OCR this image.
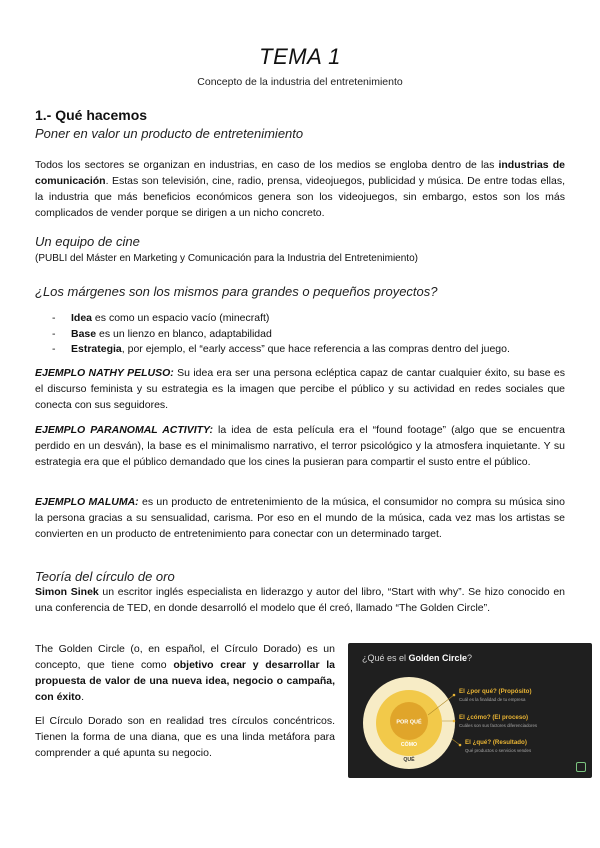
TEMA 1
Concepto de la industria del entretenimiento
1.- Qué hacemos
Poner en valor un producto de entretenimiento
Todos los sectores se organizan en industrias, en caso de los medios se engloba dentro de las industrias de comunicación. Estas son televisión, cine, radio, prensa, videojuegos, publicidad y música. De entre todas ellas, la industria que más beneficios económicos genera son los videojuegos, sin embargo, estos son los más complicados de vender porque se dirigen a un nicho concreto.
Un equipo de cine
(PUBLI del Máster en Marketing y Comunicación para la Industria del Entretenimiento)
¿Los márgenes son los mismos para grandes o pequeños proyectos?
- Idea es como un espacio vacío (minecraft)
- Base es un lienzo en blanco, adaptabilidad
- Estrategia, por ejemplo, el “early access” que hace referencia a las compras dentro del juego.
EJEMPLO NATHY PELUSO: Su idea era ser una persona ecléptica capaz de cantar cualquier éxito, su base es el discurso feminista y su estrategia es la imagen que percibe el público y su actividad en redes sociales que conecta con sus seguidores.
EJEMPLO PARANOMAL ACTIVITY: la idea de esta película era el “found footage” (algo que se encuentra perdido en un desván), la base es el minimalismo narrativo, el terror psicológico y la atmosfera inquietante. Y su estrategia era que el público demandado que los cines la pusieran para compartir el susto entre el público.
EJEMPLO MALUMA: es un producto de entretenimiento de la música, el consumidor no compra su música sino la persona gracias a su sensualidad, carisma. Por eso en el mundo de la música, cada vez mas los artistas se convierten en un producto de entretenimiento para conectar con un determinado target.
Teoría del círculo de oro
Simon Sinek un escritor inglés especialista en liderazgo y autor del libro, “Start with why”. Se hizo conocido en una conferencia de TED, en donde desarrolló el modelo que él creó, llamado “The Golden Circle”.
The Golden Circle (o, en español, el Círculo Dorado) es un concepto, que tiene como objetivo crear y desarrollar la propuesta de valor de una nueva idea, negocio o campaña, con éxito.
El Círculo Dorado son en realidad tres círculos concéntricos. Tienen la forma de una diana, que es una linda metáfora para comprender a qué apunta su negocio.
¿Qué es el Golden Circle?
POR QUÉ
CÓMO
QUÉ
El ¿por qué? (Propósito)
Cuál es la finalidad de tu empresa
El ¿cómo? (El proceso)
Cuáles son sus factores diferenciadores
El ¿qué? (Resultado)
Qué productos o servicios vendes
